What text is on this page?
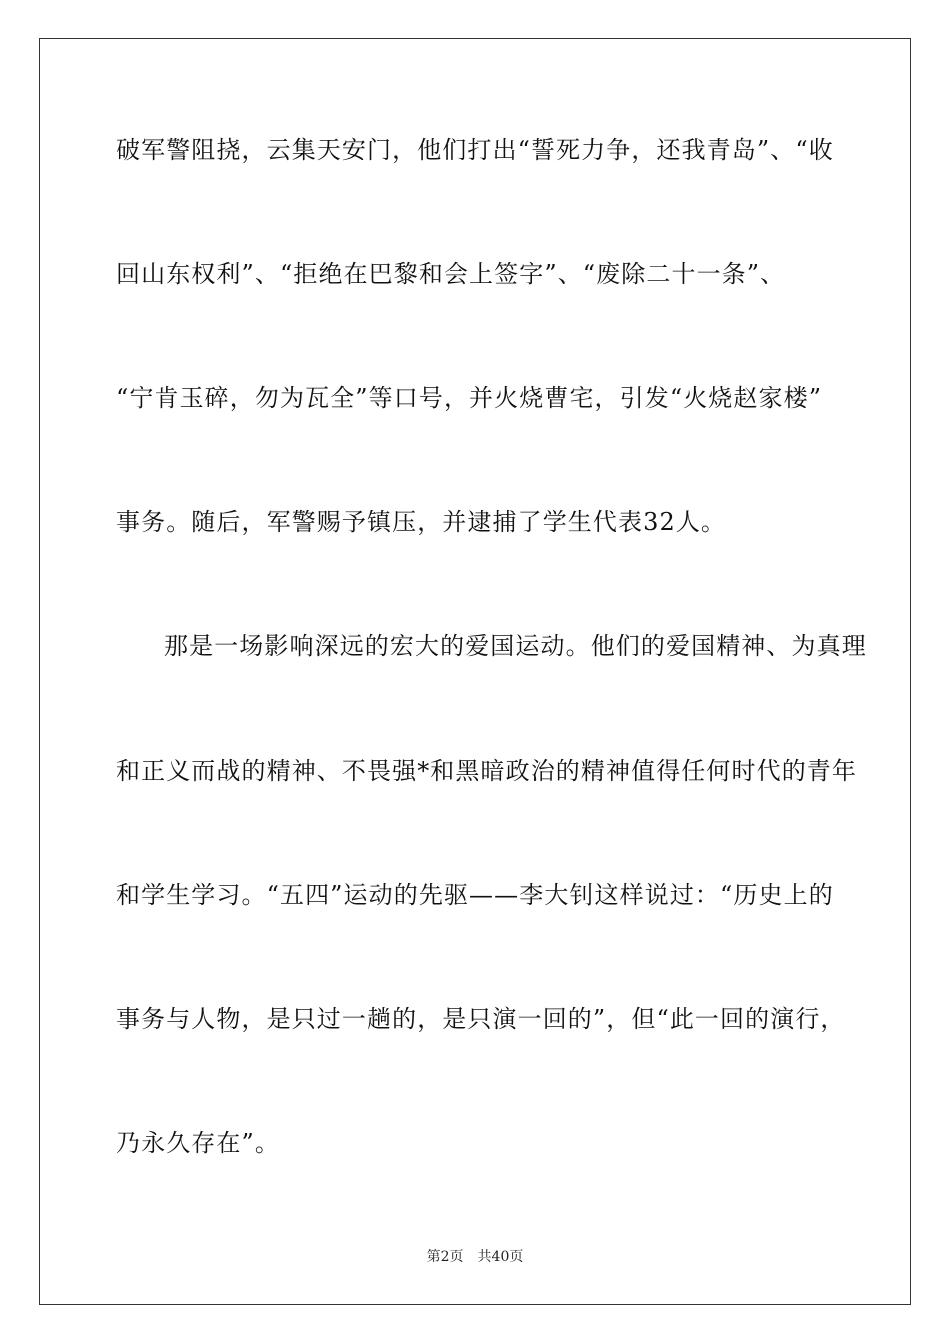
破军警阻挠，云集天安门，他们打出“誓死力争，还我青岛”、“收
回山东权利”、“拒绝在巴黎和会上签字”、“废除二十一条”、
“宁肯玉碎，勿为瓦全”等口号，并火烧曹宅，引发“火烧赵家楼”
事务。随后，军警赐予镇压，并逮捕了学生代表32人。
那是一场影响深远的宏大的爱国运动。他们的爱国精神、为真理
和正义而战的精神、不畏强*和黑暗政治的精神值得任何时代的青年
和学生学习。“五四”运动的先驱——李大钊这样说过：“历史上的
事务与人物，是只过一趟的，是只演一回的”，但“此一回的演行，
乃永久存在”。
第2页 共40页
